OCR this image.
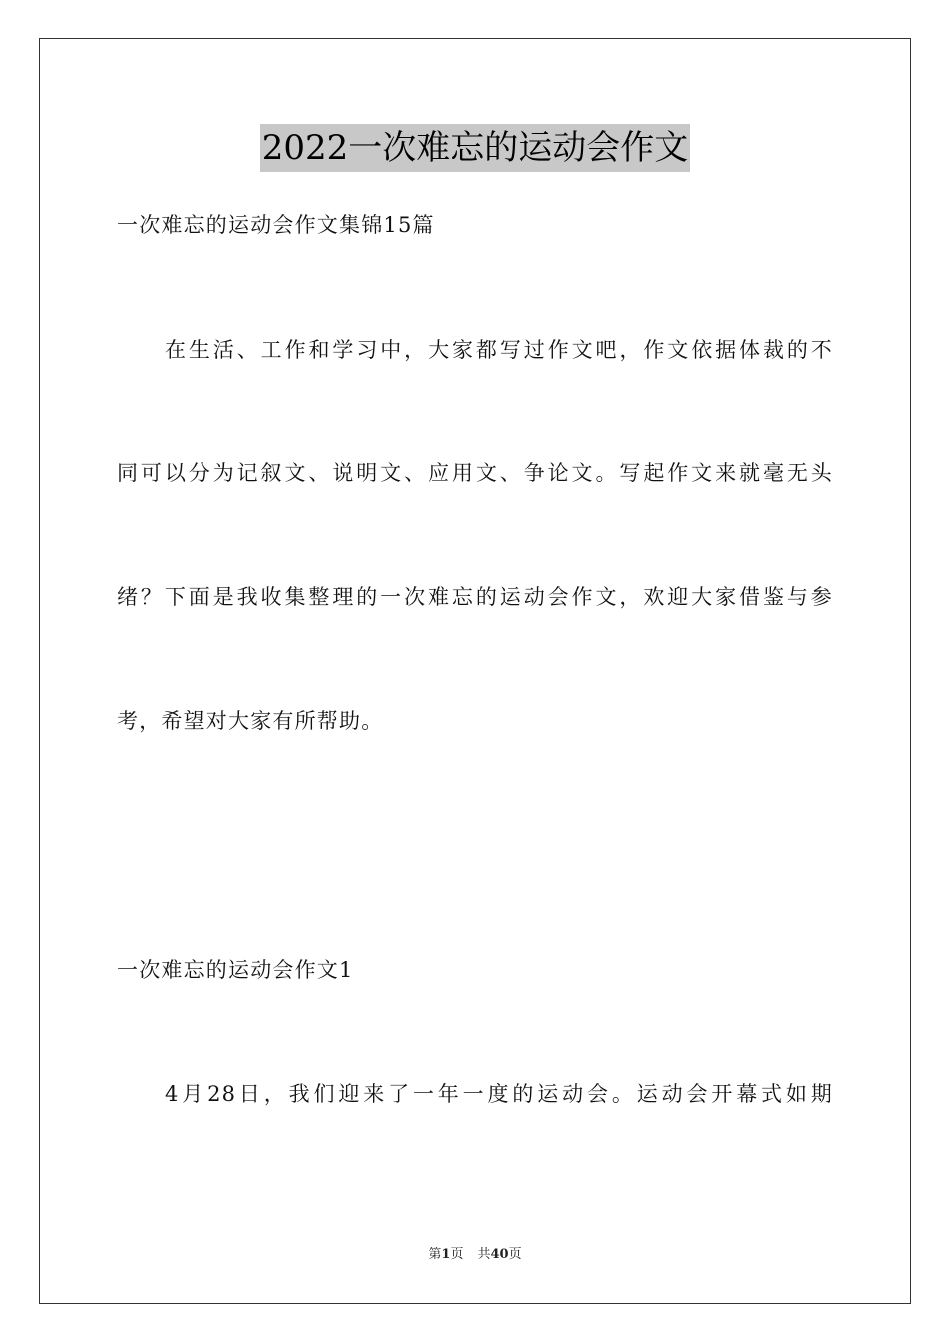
2022一次难忘的运动会作文
一次难忘的运动会作文集锦15篇
在生活、工作和学习中，大家都写过作文吧，作文依据体裁的不
同可以分为记叙文、说明文、应用文、争论文。写起作文来就毫无头
绪？下面是我收集整理的一次难忘的运动会作文，欢迎大家借鉴与参
考，希望对大家有所帮助。
一次难忘的运动会作文1
4月28日，我们迎来了一年一度的运动会。运动会开幕式如期
第1页 共40页
